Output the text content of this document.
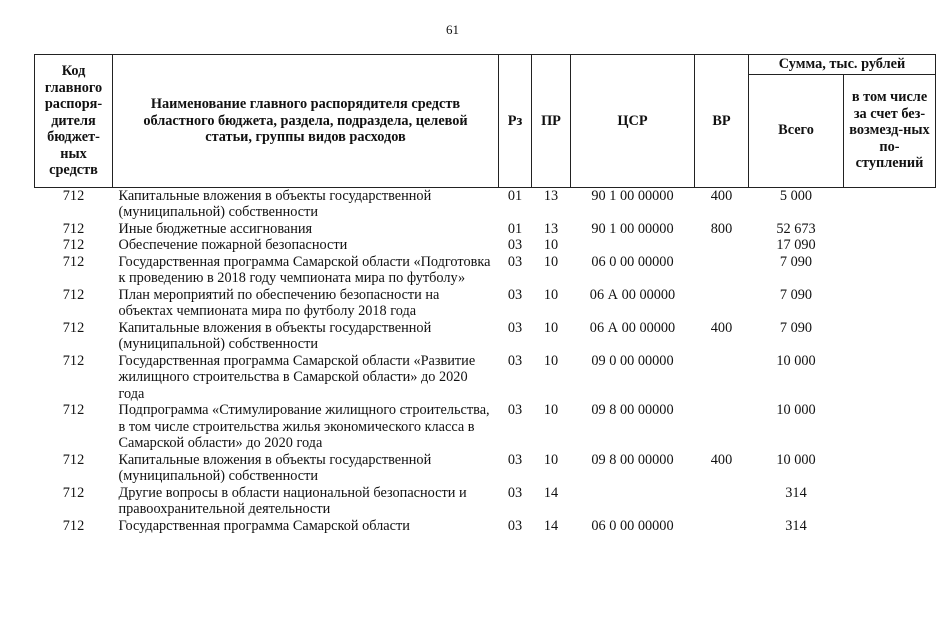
61
Код главного распоря-дителя бюджет-ных средств	Наименование главного распорядителя средств областного бюджета, раздела, подраздела, целевой статьи, группы видов расходов	Рз	ПР	ЦСР	ВР	Сумма, тыс. рублей	
						Всего	в том числе за счет без-возмезд-ных по-ступлений
712	Капитальные вложения в объекты государственной (муниципальной) собственности	01	13	90 1 00 00000	400	5 000	
712	Иные бюджетные ассигнования	01	13	90 1 00 00000	800	52 673	
712	Обеспечение пожарной безопасности	03	10			17 090	
712	Государственная программа Самарской области «Подготовка к проведению в 2018 году чемпионата мира по футболу»	03	10	06 0 00 00000		7 090	
712	План мероприятий по обеспечению безопасности на объектах чемпионата мира по футболу 2018 года	03	10	06 А 00 00000		7 090	
712	Капитальные вложения в объекты государственной (муниципальной) собственности	03	10	06 А 00 00000	400	7 090	
712	Государственная программа Самарской области «Развитие жилищного строительства в Самарской области» до 2020 года	03	10	09 0 00 00000		10 000	
712	Подпрограмма «Стимулирование жилищного строительства, в том числе строительства жилья экономического класса в Самарской области» до 2020 года	03	10	09 8 00 00000		10 000	
712	Капитальные вложения в объекты государственной (муниципальной) собственности	03	10	09 8 00 00000	400	10 000	
712	Другие вопросы в области национальной безопасности и правоохранительной деятельности	03	14			314	
712	Государственная программа Самарской области	03	14	06 0 00 00000		314	
